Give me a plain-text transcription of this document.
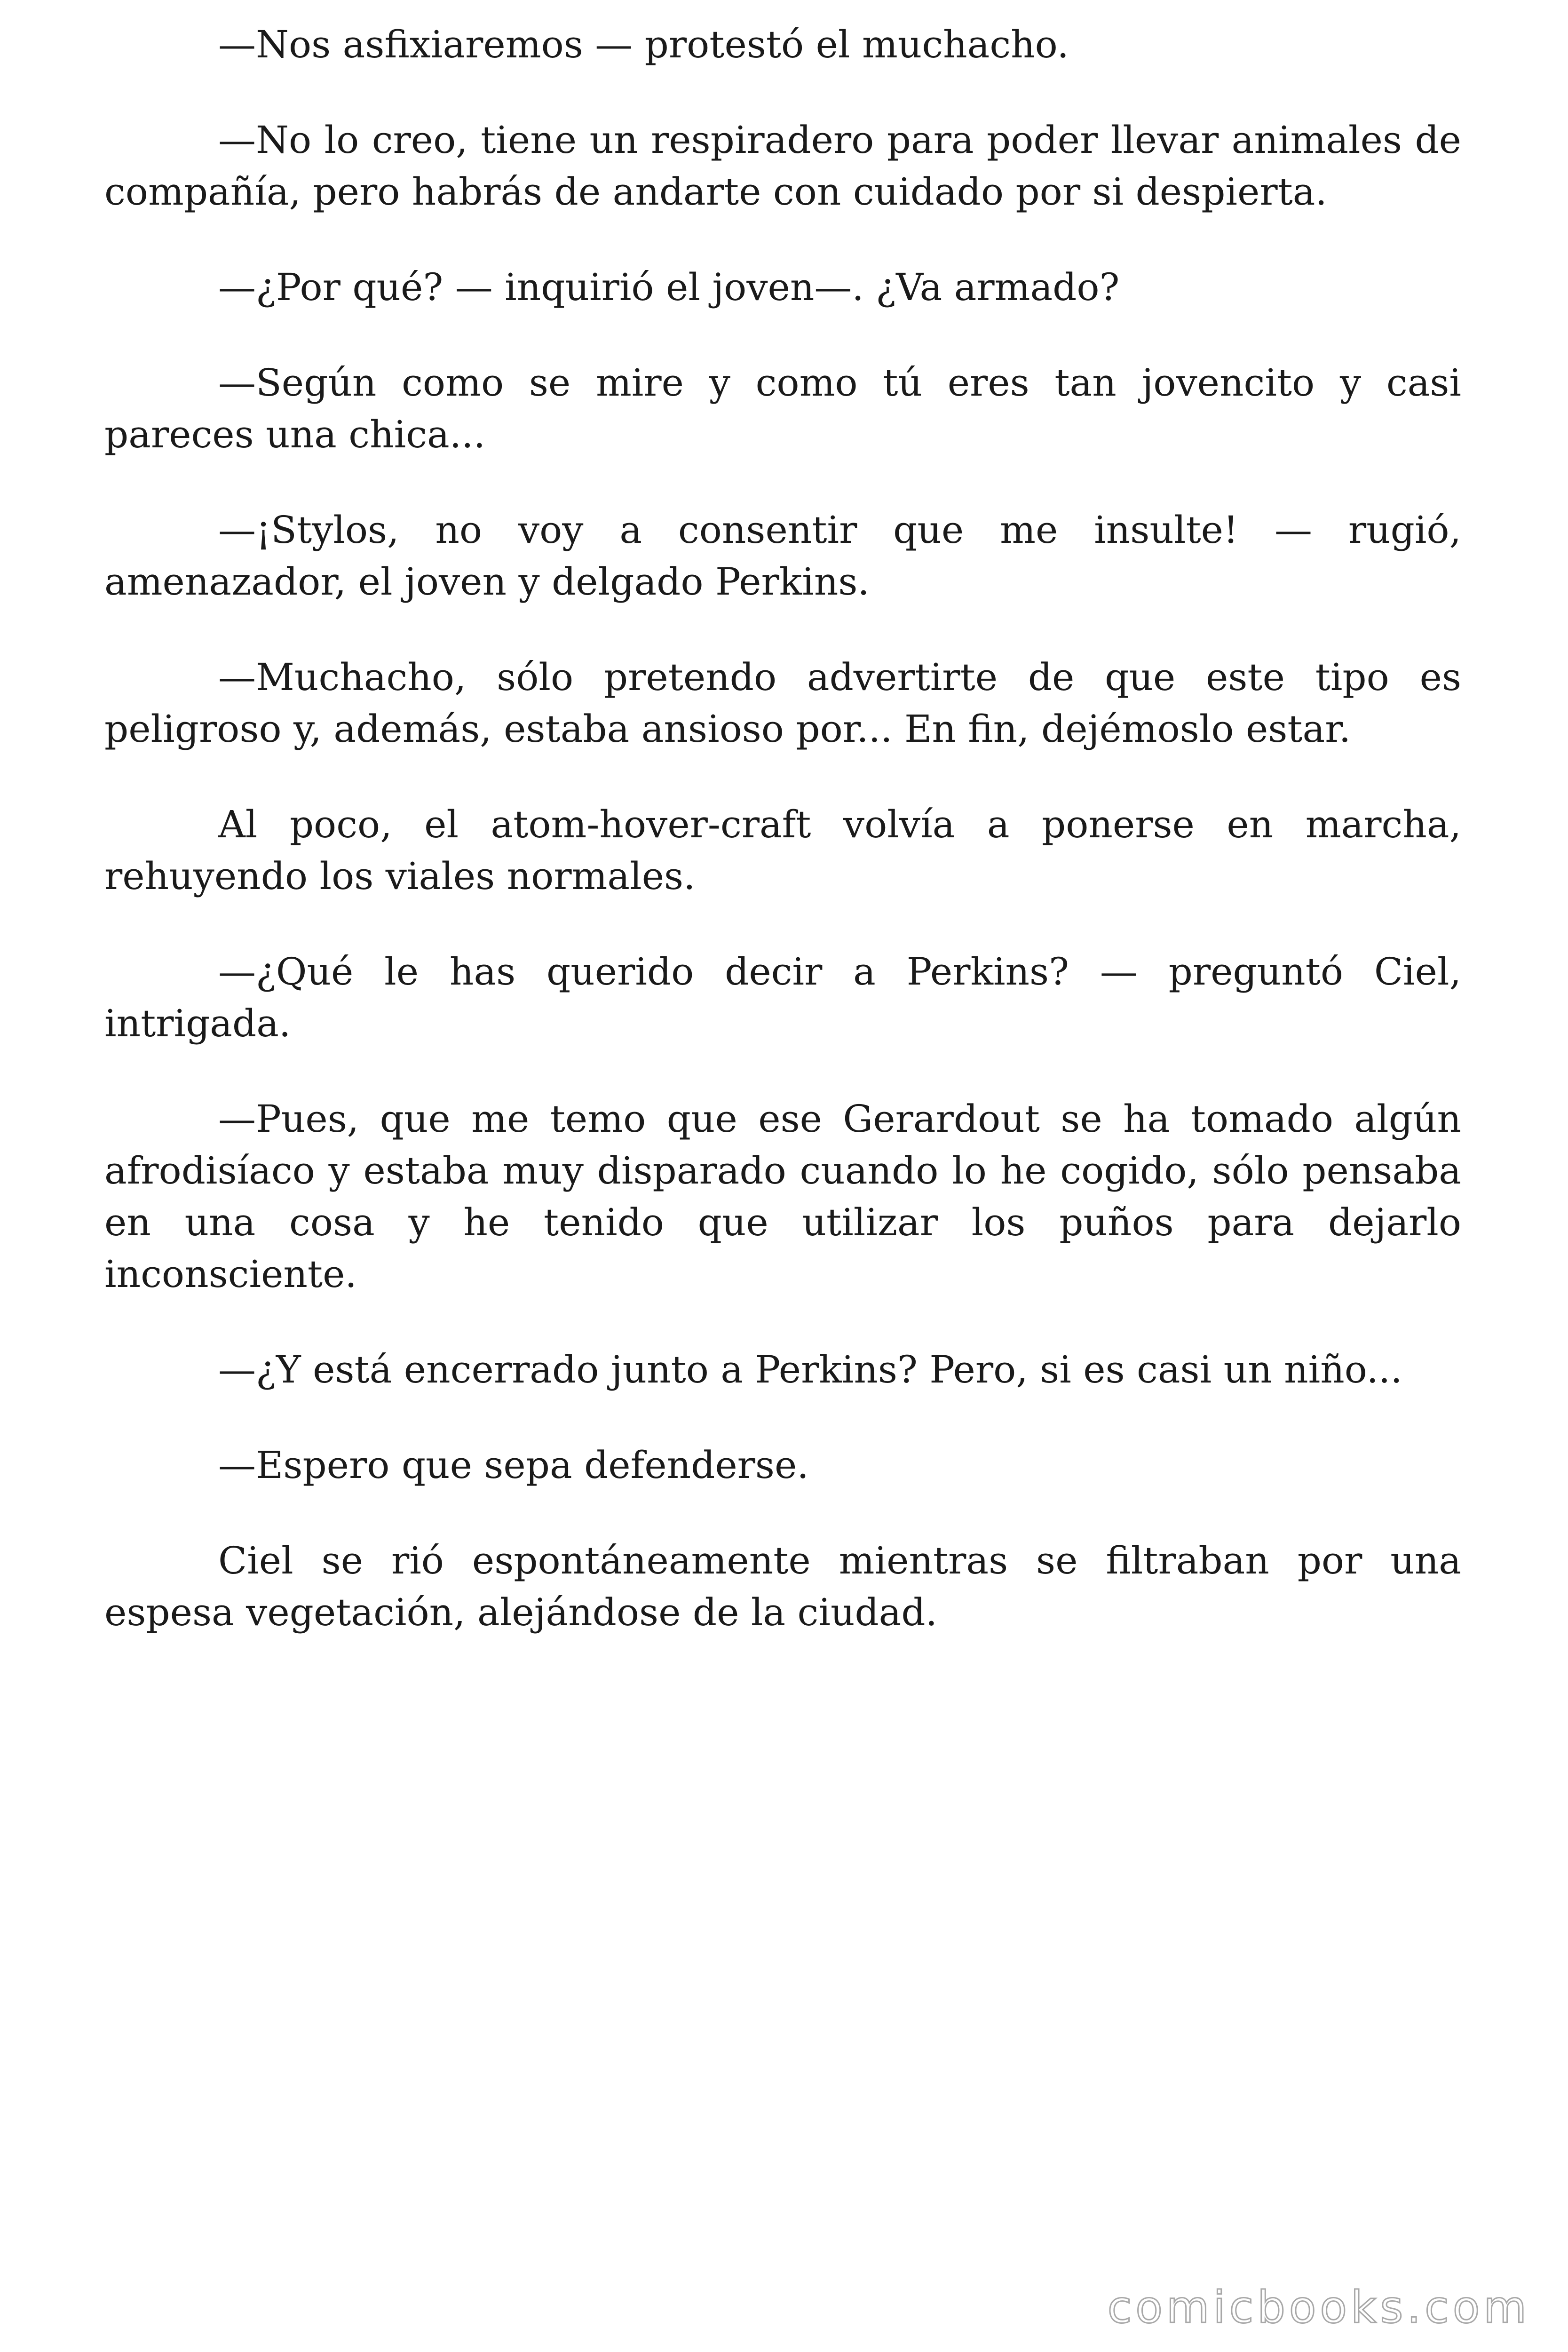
—Nos asfixiaremos — protestó el muchacho.

—No lo creo, tiene un respiradero para poder llevar animales de compañía, pero habrás de andarte con cuidado por si despierta.

—¿Por qué? — inquirió el joven—. ¿Va armado?

—Según como se mire y como tú eres tan jovencito y casi pareces una chica...

—¡Stylos, no voy a consentir que me insulte! — rugió, amenazador, el joven y delgado Perkins.

—Muchacho, sólo pretendo advertirte de que este tipo es peligroso y, además, estaba ansioso por... En fin, dejémoslo estar.

Al poco, el atom-hover-craft volvía a ponerse en marcha, rehuyendo los viales normales.

—¿Qué le has querido decir a Perkins? — preguntó Ciel, intrigada.

—Pues, que me temo que ese Gerardout se ha tomado algún afrodisíaco y estaba muy disparado cuando lo he cogido, sólo pensaba en una cosa y he tenido que utilizar los puños para dejarlo inconsciente.

—¿Y está encerrado junto a Perkins? Pero, si es casi un niño...

—Espero que sepa defenderse.

Ciel se rió espontáneamente mientras se filtraban por una espesa vegetación, alejándose de la ciudad.

comicbooks.com
